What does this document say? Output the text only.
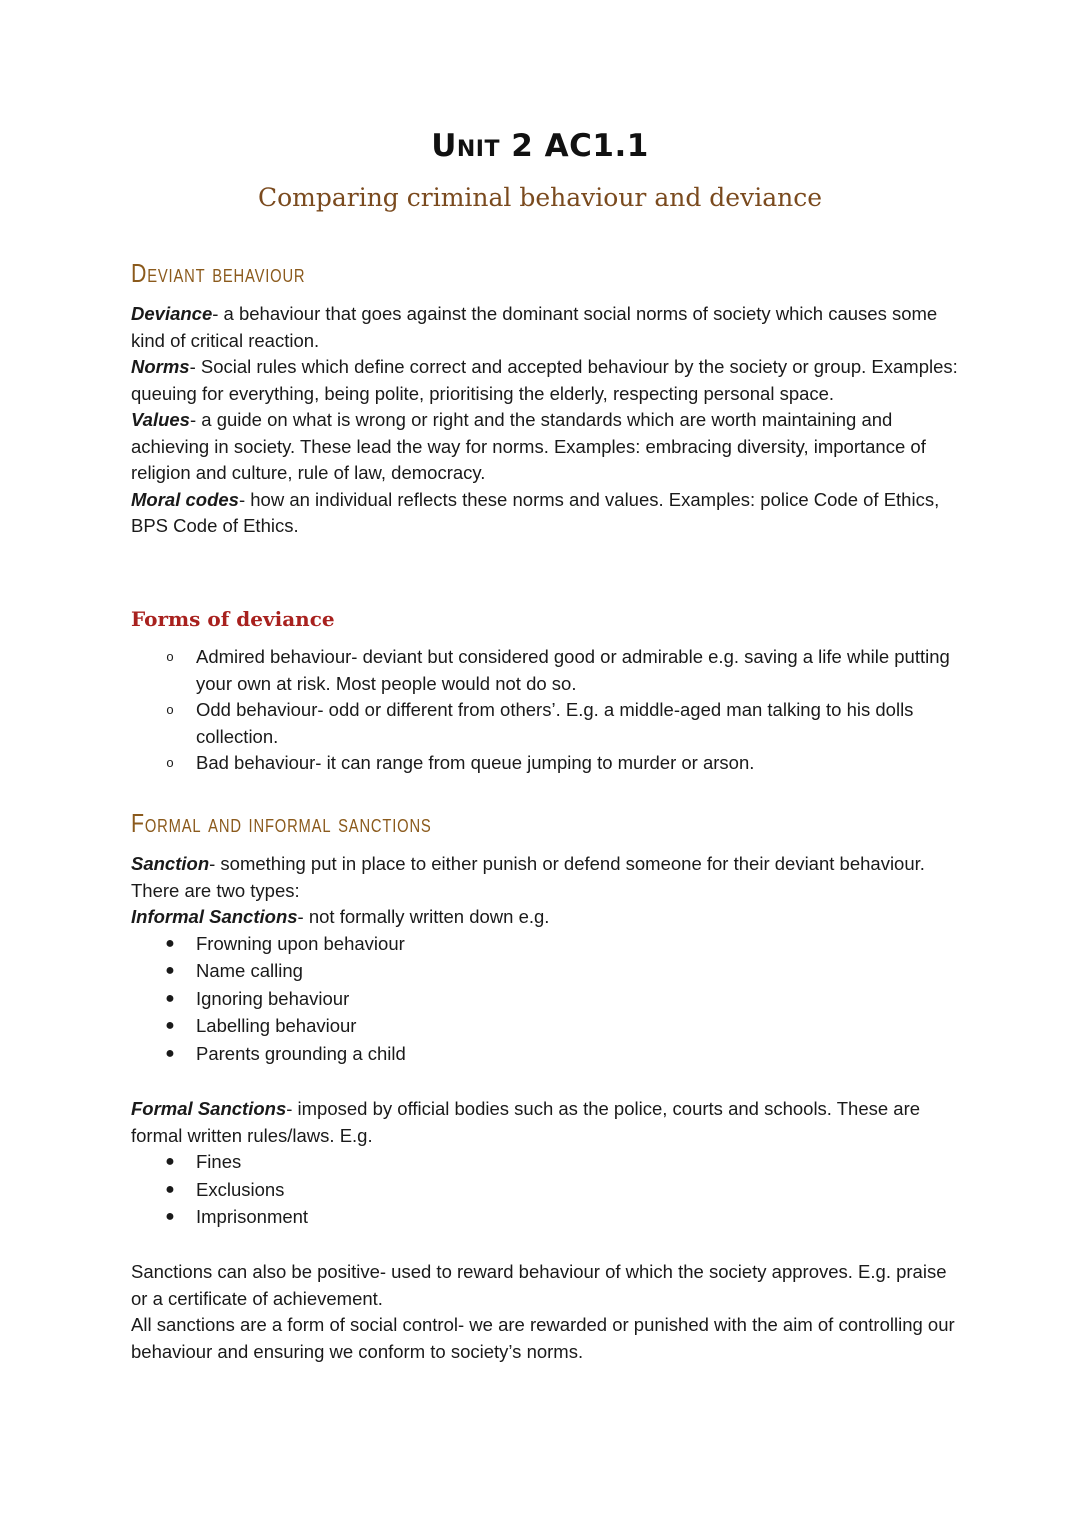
Unit 2 AC1.1
Comparing criminal behaviour and deviance
Deviant behaviour
Deviance- a behaviour that goes against the dominant social norms of society which causes some kind of critical reaction.
Norms- Social rules which define correct and accepted behaviour by the society or group. Examples: queuing for everything, being polite, prioritising the elderly, respecting personal space.
Values- a guide on what is wrong or right and the standards which are worth maintaining and achieving in society. These lead the way for norms. Examples: embracing diversity, importance of religion and culture, rule of law, democracy.
Moral codes- how an individual reflects these norms and values. Examples: police Code of Ethics, BPS Code of Ethics.
Forms of deviance
o Admired behaviour- deviant but considered good or admirable e.g. saving a life while putting your own at risk. Most people would not do so.
o Odd behaviour- odd or different from others’. E.g. a middle-aged man talking to his dolls collection.
o Bad behaviour- it can range from queue jumping to murder or arson.
Formal and informal sanctions
Sanction- something put in place to either punish or defend someone for their deviant behaviour. There are two types:
Informal Sanctions- not formally written down e.g.
● Frowning upon behaviour
● Name calling
● Ignoring behaviour
● Labelling behaviour
● Parents grounding a child
Formal Sanctions- imposed by official bodies such as the police, courts and schools. These are formal written rules/laws. E.g.
● Fines
● Exclusions
● Imprisonment
Sanctions can also be positive- used to reward behaviour of which the society approves. E.g. praise or a certificate of achievement.
All sanctions are a form of social control- we are rewarded or punished with the aim of controlling our behaviour and ensuring we conform to society’s norms.
